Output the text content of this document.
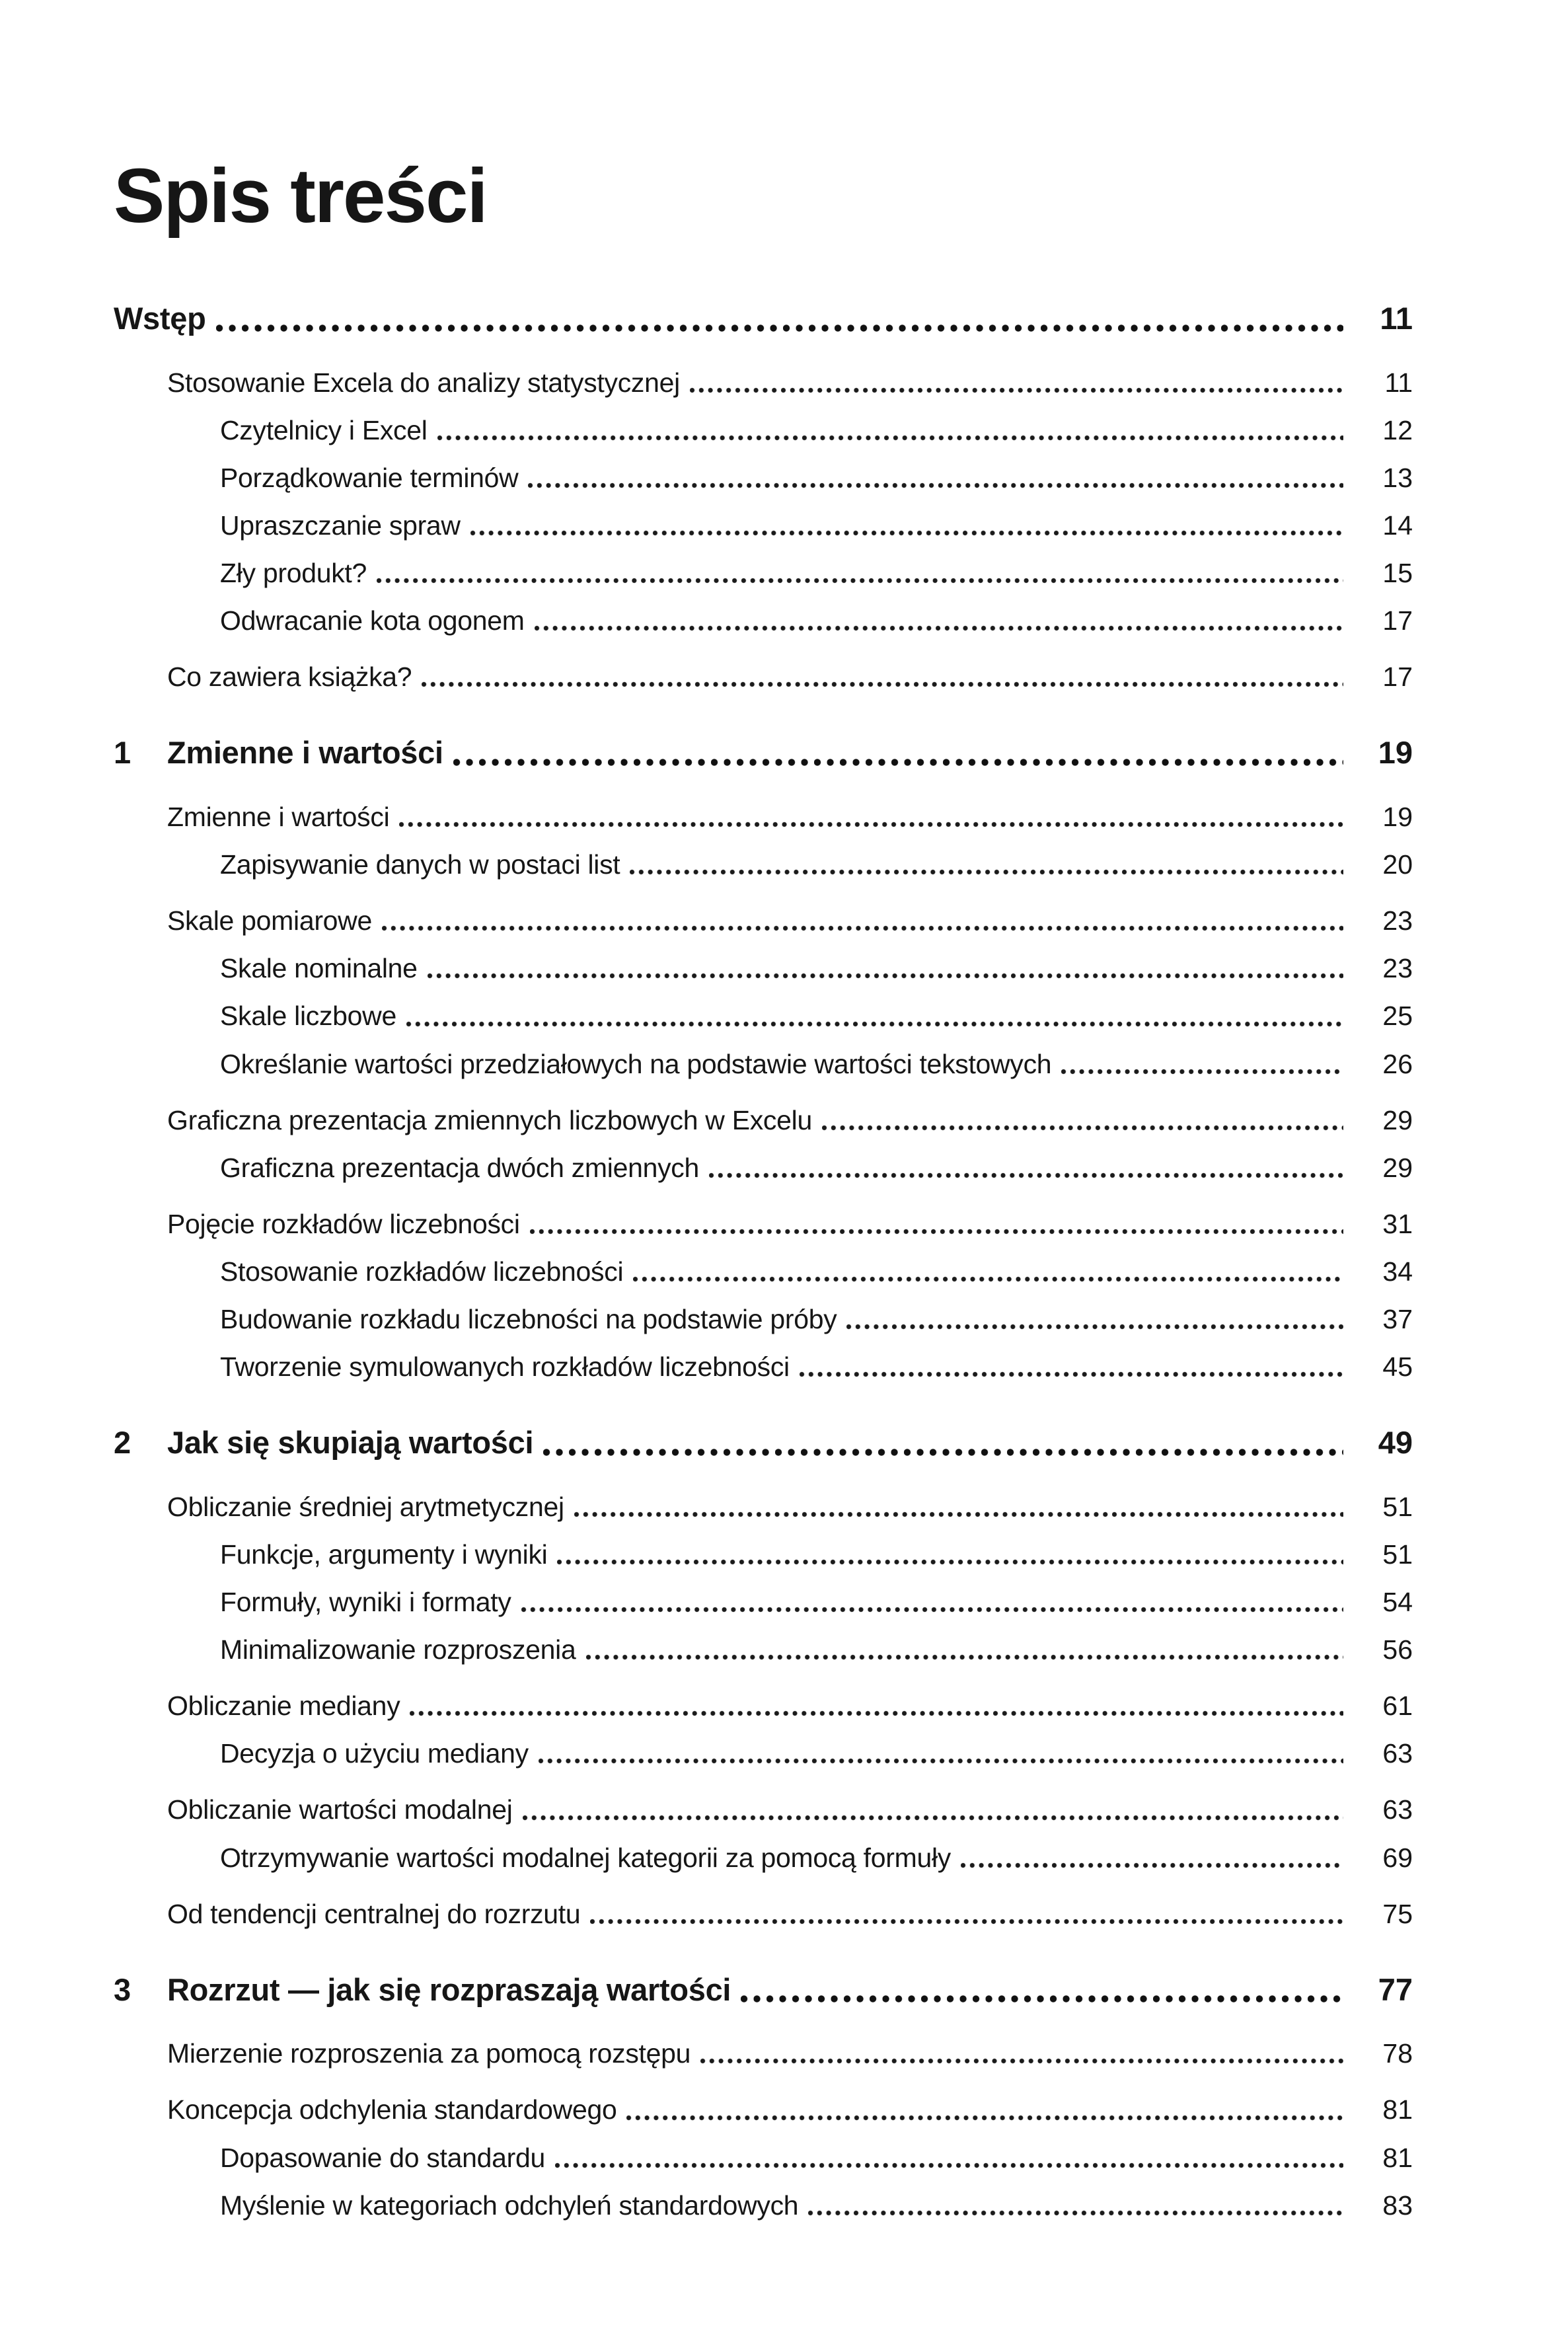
Spis treści
Wstęp	11
Stosowanie Excela do analizy statystycznej	11
Czytelnicy i Excel	12
Porządkowanie terminów	13
Upraszczanie spraw	14
Zły produkt?	15
Odwracanie kota ogonem	17
Co zawiera książka?	17
1	Zmienne i wartości	19
Zmienne i wartości	19
Zapisywanie danych w postaci list	20
Skale pomiarowe	23
Skale nominalne	23
Skale liczbowe	25
Określanie wartości przedziałowych na podstawie wartości tekstowych	26
Graficzna prezentacja zmiennych liczbowych w Excelu	29
Graficzna prezentacja dwóch zmiennych	29
Pojęcie rozkładów liczebności	31
Stosowanie rozkładów liczebności	34
Budowanie rozkładu liczebności na podstawie próby	37
Tworzenie symulowanych rozkładów liczebności	45
2	Jak się skupiają wartości	49
Obliczanie średniej arytmetycznej	51
Funkcje, argumenty i wyniki	51
Formuły, wyniki i formaty	54
Minimalizowanie rozproszenia	56
Obliczanie mediany	61
Decyzja o użyciu mediany	63
Obliczanie wartości modalnej	63
Otrzymywanie wartości modalnej kategorii za pomocą formuły	69
Od tendencji centralnej do rozrzutu	75
3	Rozrzut — jak się rozpraszają wartości	77
Mierzenie rozproszenia za pomocą rozstępu	78
Koncepcja odchylenia standardowego	81
Dopasowanie do standardu	81
Myślenie w kategoriach odchyleń standardowych	83
